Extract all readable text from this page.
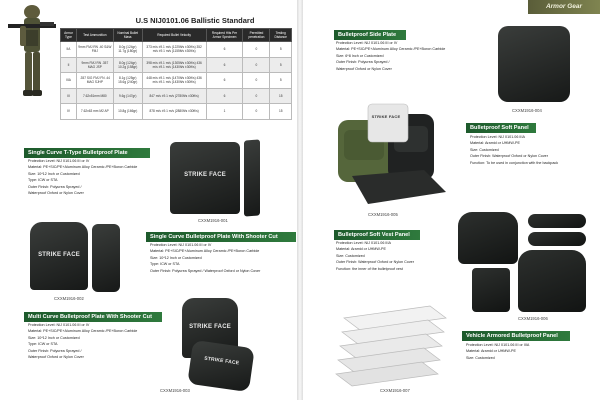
Armor Gear
U.S NIJ0101.06 Ballistic Standard
Armor Type	Test Ammunition	Nominal Bullet Mass	Required Bullet Velocity	Required Hits Per Armor Specimen	Permitted penetration	Testing Distance
IIA	9mm FMJ RN .40 S&W FMJ	8.0g (124gr) 11.7g (180gr)	373 m/s ±9.1 m/s (1225ft/s ±30ft/s) 352 m/s ±9.1 m/s (1155ft/s ±30ft/s)	6	0	5
II	9mm FMJ RN .357 MAG JSP	8.0g (124gr) 10.2g (158gr)	398 m/s ±9.1 m/s (1305ft/s ±30ft/s) 436 m/s ±9.1 m/s (1430ft/s ±30ft/s)	6	0	5
IIIA	.357 SIG FMJ FN .44 MAG SJHP	8.1g (125gr) 15.6g (240gr)	448 m/s ±9.1 m/s (1470ft/s ±30ft/s) 436 m/s ±9.1 m/s (1430ft/s ±30ft/s)	6	0	5
III	7.62x51mm M80	9.6g (147gr)	847 m/s ±9.1 m/s (2780ft/s ±30ft/s)	6	0	15
IV	7.62x63 mm M2 AP	10.8g (166gr)	878 m/s ±9.1 m/s (2880ft/s ±30ft/s)	1	0	15
Single Curve T-Type Bulletproof Plate
Protection Level: NIJ 0101.06 III or IV
Material: PE+SIC/PE+Aluminum Alloy Ceramic /PE+Boron Carbide
Size: 10*12 Inch or Customized
Type: ICW or STA
Outer Finish: Polyurea Sprayed /
Waterproof Oxford or Nylon Cover
STRIKE FACE
CXXM1916-001
STRIKE FACE
CXXM1916-002
Single Curve Bulletproof Plate With Shooter Cut
Protection Level: NIJ 0101.06 III or IV
Material: PE+SIC/PE+Aluminum Alloy Ceramic /PE+Boron Carbide
Size: 10*12 Inch or Customized
Type: ICW or STA
Outer Finish: Polyurea Sprayed / Waterproof Oxford or Nylon Cover
Multi Curve Bulletproof Plate With Shooter Cut
Protection Level: NIJ 0101.06 III or IV
Material: PE+SIC/PE+Aluminum Alloy Ceramic /PE+Boron Carbide
Size: 10*12 Inch or Customized
Type: ICW or STA
Outer Finish: Polyurea Sprayed /
Waterproof Oxford or Nylon Cover
STRIKE FACE
STRIKE FACE
CXXM1916-003
Bulletproof Side Plate
Protection Level: NIJ 0101.06 III or IV
Material: PE+SIC/PE+Aluminum Alloy Ceramic /PE+Boron Carbide
Size: 6*8 Inch or Customized
Outer Finish: Polyurea Sprayed /
Waterproof Oxford or Nylon Cover
CXXM1916-004
STRIKE FACE
CXXM1916-005
Bulletproof Soft Panel
Protection Level: NIJ 0101.06 IIIA
Material: Aramid or UHMW-PE
Size: Customized
Outer Finish: Waterproof Oxford or Nylon Cover
Function: To be used in conjunction with the backpack
Bulletproof Soft Vest Panel
Protection Level: NIJ 0101.06 IIIA
Material: Aramid or UHMW-PE
Size: Customized
Outer Finish: Waterproof Oxford or Nylon Cover
Function: the inner of the bulletproof vest
CXXM1916-006
CXXM1916-007
Vehicle Armored Bulletproof Panel
Protection Level: NIJ 0101.06 III or IIIA
Material: Aramid or UHMW-PE
Size: Customized
